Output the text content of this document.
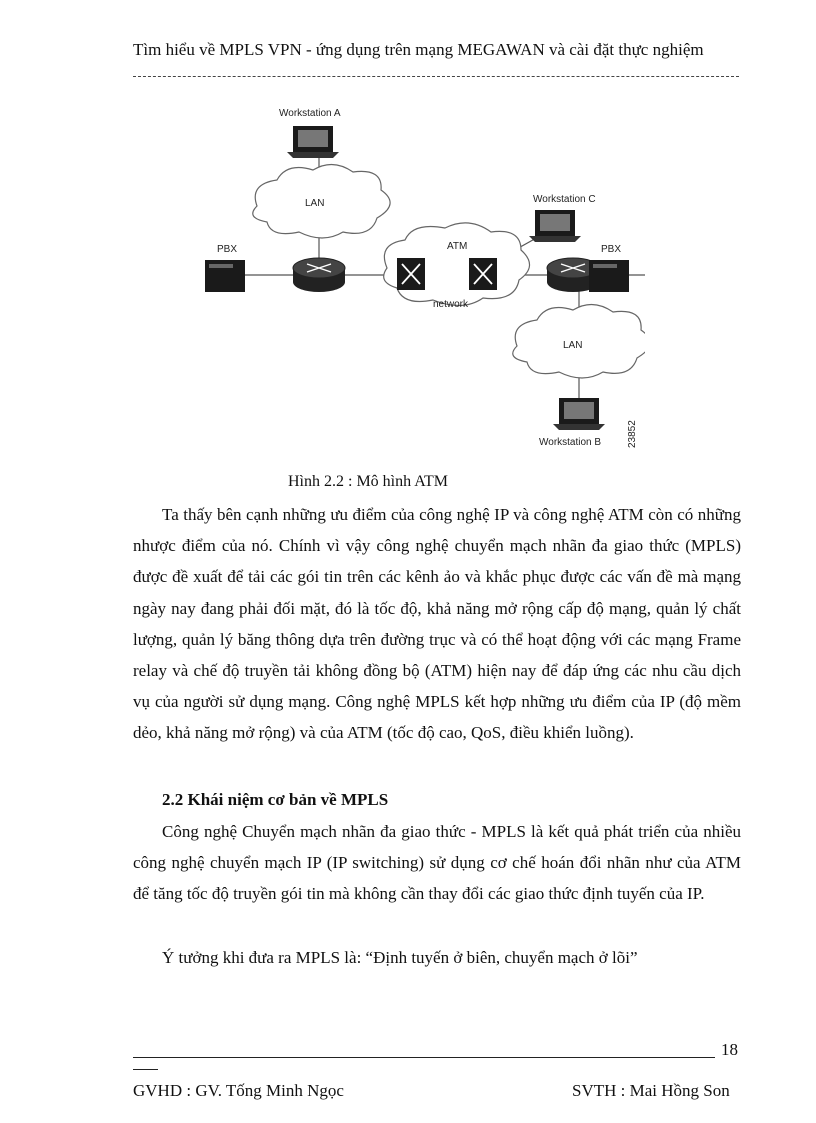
Tìm hiểu về MPLS VPN - ứng dụng trên mạng MEGAWAN và cài đặt thực nghiệm
LAN
LAN
ATM
network
PBX	PBX
Workstation A
Workstation C
Workstation B	23852
Hình 2.2 : Mô hình ATM

Ta thấy bên cạnh những ưu điểm của công nghệ IP và công nghệ ATM còn có những nhược điểm của nó. Chính vì vậy công nghệ chuyển mạch nhãn đa giao thức (MPLS) được đề xuất để tải các gói tin trên các kênh ảo và khắc phục được các vấn đề mà mạng ngày nay đang phải đối mặt, đó là tốc độ, khả năng mở rộng cấp độ mạng, quản lý chất lượng, quản lý băng thông dựa trên đường trục và có thể hoạt động với các mạng Frame relay và chế độ truyền tải không đồng bộ (ATM) hiện nay để đáp ứng các nhu cầu dịch vụ của người sử dụng mạng. Công nghệ MPLS kết hợp những ưu điểm của IP (độ mềm dẻo, khả năng mở rộng) và của ATM (tốc độ cao, QoS, điều khiển luồng).

2.2 Khái niệm cơ bản về MPLS

Công nghệ Chuyển mạch nhãn đa giao thức - MPLS là kết quả phát triển của nhiều công nghệ chuyển mạch IP (IP switching) sử dụng cơ chế hoán đổi nhãn như của ATM để tăng tốc độ truyền gói tin mà không cần thay đổi các giao thức định tuyến của IP.

Ý tưởng khi đưa ra MPLS là: “Định tuyến ở biên, chuyển mạch ở lõi”

18
GVHD : GV. Tống Minh Ngọc	SVTH : Mai Hồng Son
